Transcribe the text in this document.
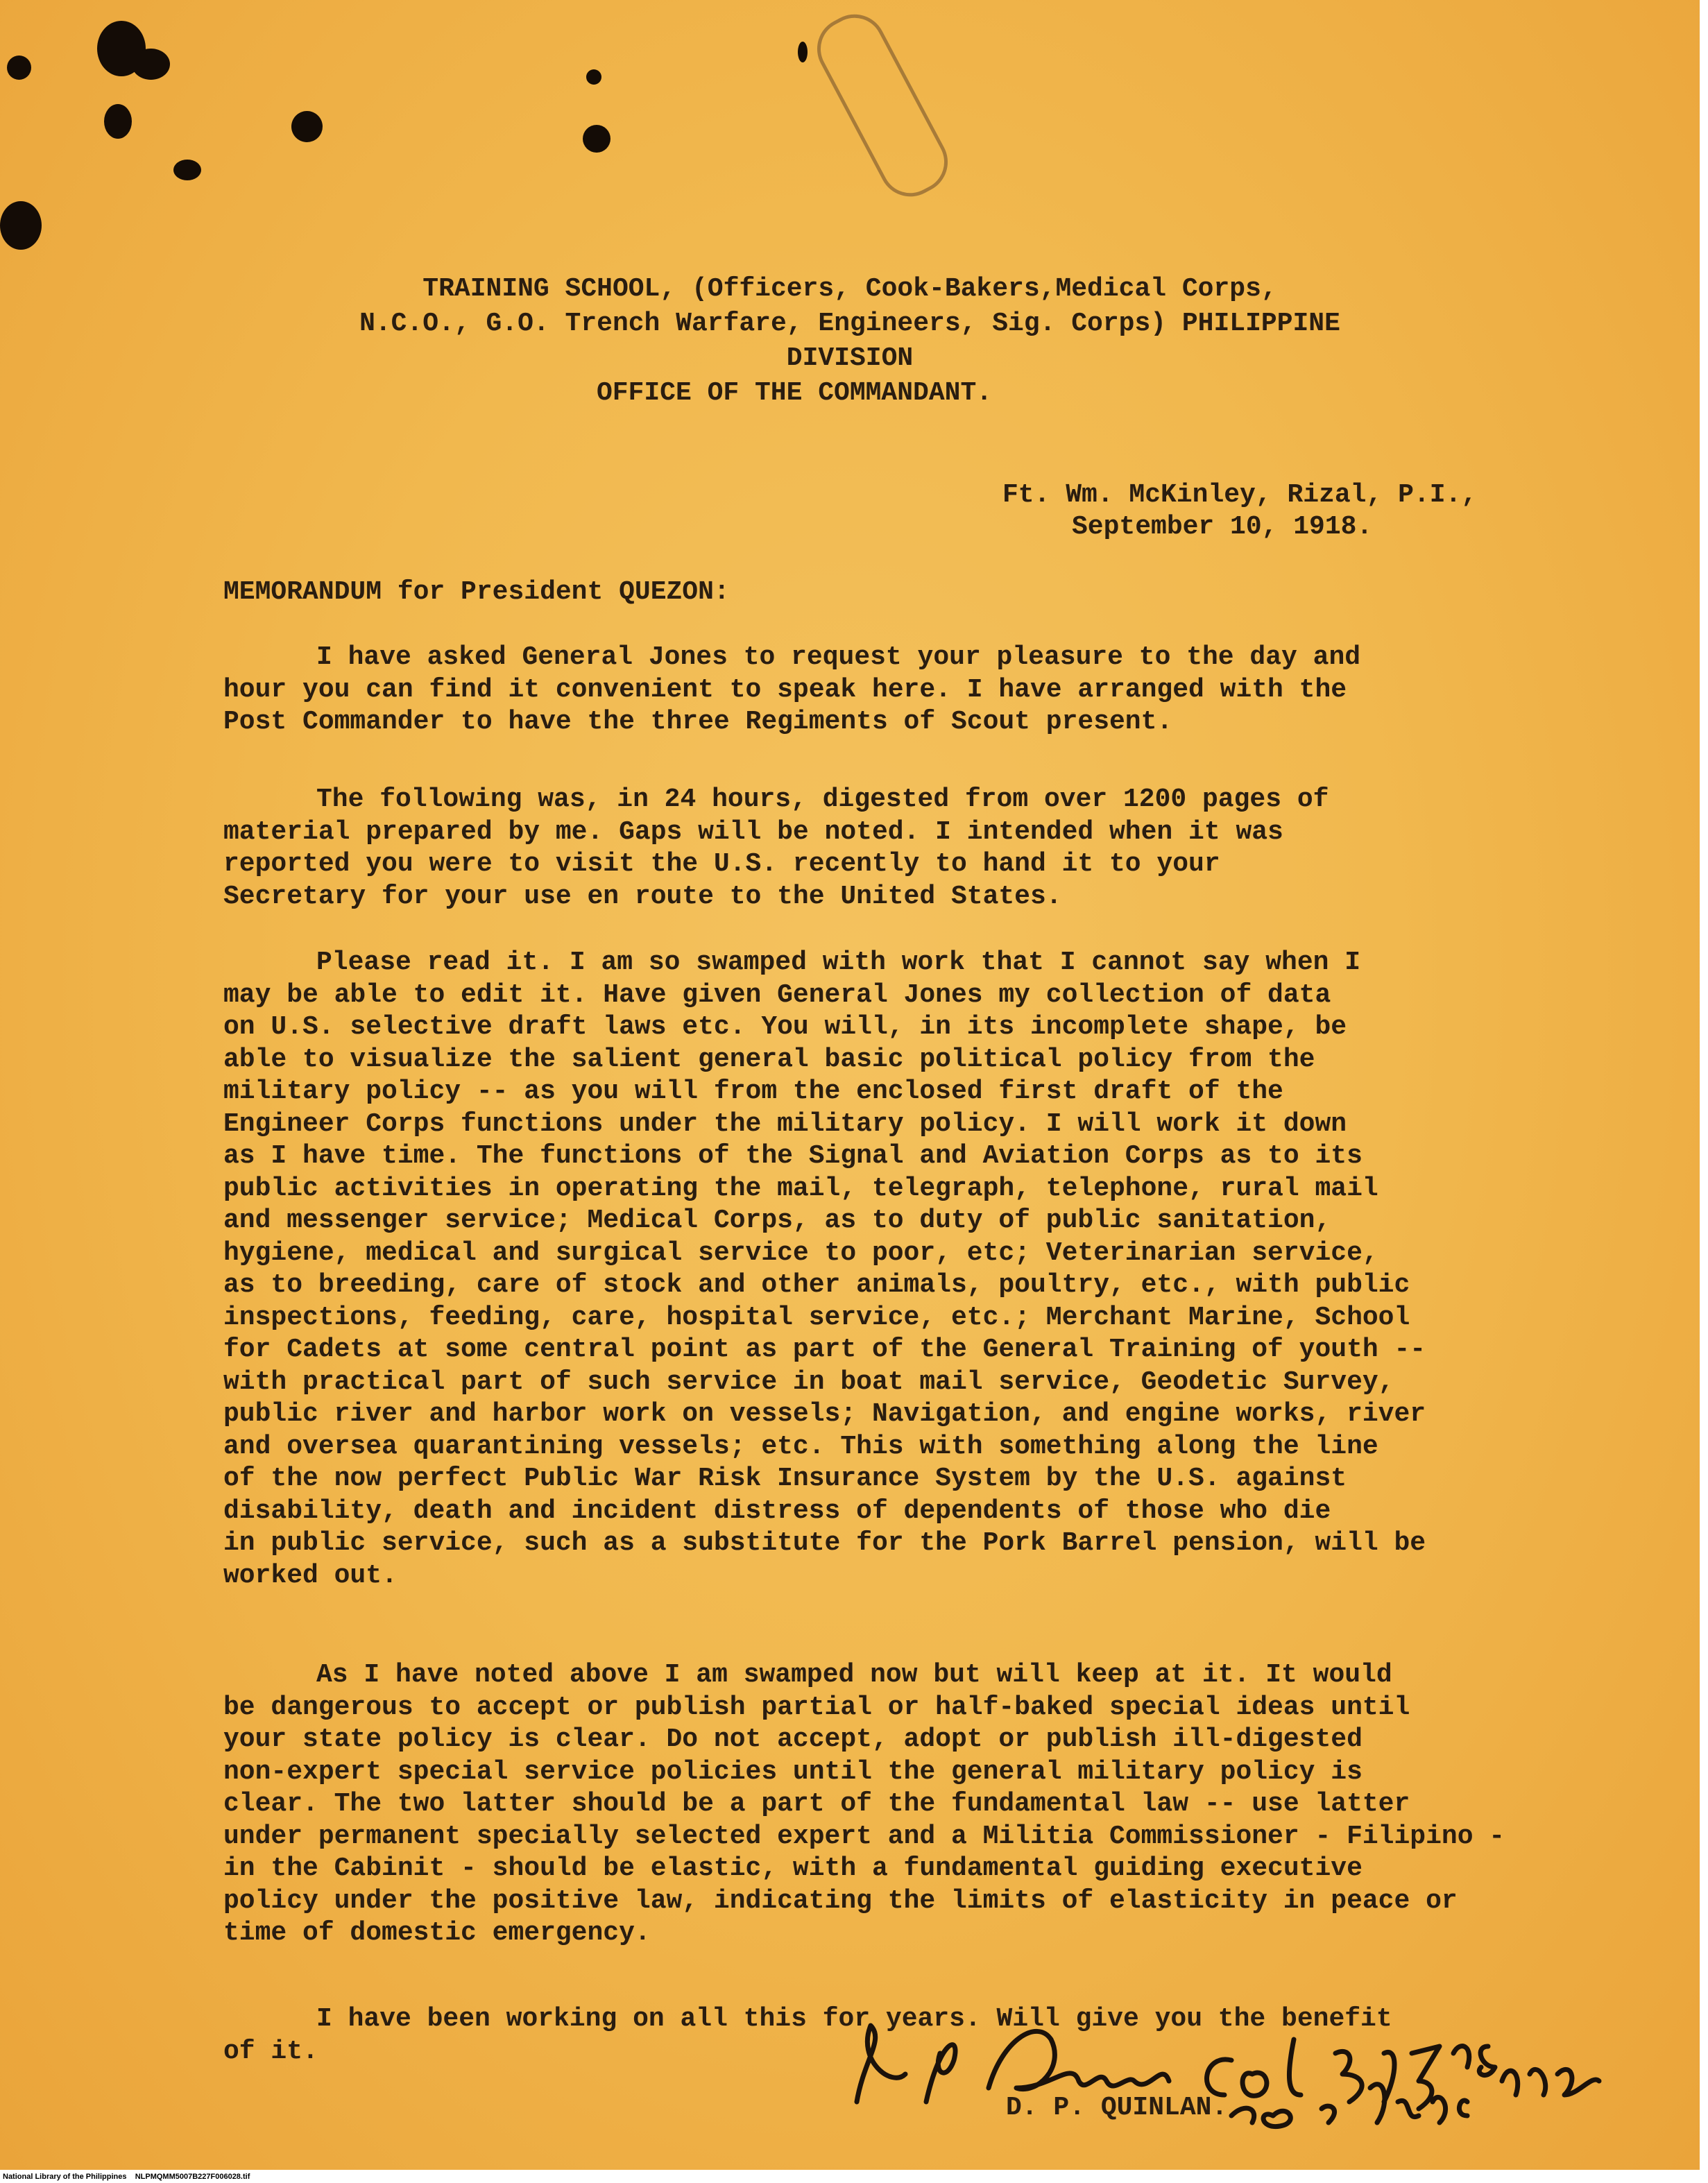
TRAINING SCHOOL, (Officers, Cook-Bakers,Medical Corps,
N.C.O., G.O. Trench Warfare, Engineers, Sig. Corps) PHILIPPINE
DIVISION
OFFICE OF THE COMMANDANT.
Ft. Wm. McKinley, Rizal, P.I.,
September 10, 1918.
MEMORANDUM for President QUEZON:
I have asked General Jones to request your pleasure to the day and
hour you can find it convenient to speak here. I have arranged with the
Post Commander to have the three Regiments of Scout present.
The following was, in 24 hours, digested from over 1200 pages of
material prepared by me. Gaps will be noted. I intended when it was
reported you were to visit the U.S. recently to hand it to your
Secretary for your use en route to the United States.
Please read it. I am so swamped with work that I cannot say when I
may be able to edit it. Have given General Jones my collection of data
on U.S. selective draft laws etc. You will, in its incomplete shape, be
able to visualize the salient general basic political policy from the
military policy -- as you will from the enclosed first draft of the
Engineer Corps functions under the military policy. I will work it down
as I have time. The functions of the Signal and Aviation Corps as to its
public activities in operating the mail, telegraph, telephone, rural mail
and messenger service; Medical Corps, as to duty of public sanitation,
hygiene, medical and surgical service to poor, etc; Veterinarian service,
as to breeding, care of stock and other animals, poultry, etc., with public
inspections, feeding, care, hospital service, etc.; Merchant Marine, School
for Cadets at some central point as part of the General Training of youth --
with practical part of such service in boat mail service, Geodetic Survey,
public river and harbor work on vessels; Navigation, and engine works, river
and oversea quarantining vessels; etc. This with something along the line
of the now perfect Public War Risk Insurance System by the U.S. against
disability, death and incident distress of dependents of those who die
in public service, such as a substitute for the Pork Barrel pension, will be
worked out.
As I have noted above I am swamped now but will keep at it. It would
be dangerous to accept or publish partial or half-baked special ideas until
your state policy is clear. Do not accept, adopt or publish ill-digested
non-expert special service policies until the general military policy is
clear. The two latter should be a part of the fundamental law -- use latter
under permanent specially selected expert and a Militia Commissioner - Filipino -
in the Cabinit - should be elastic, with a fundamental guiding executive
policy under the positive law, indicating the limits of elasticity in peace or
time of domestic emergency.
I have been working on all this for years. Will give you the benefit
of it.
D. P. QUINLAN.
National Library of the Philippines    NLPMQMM5007B227F006028.tif
